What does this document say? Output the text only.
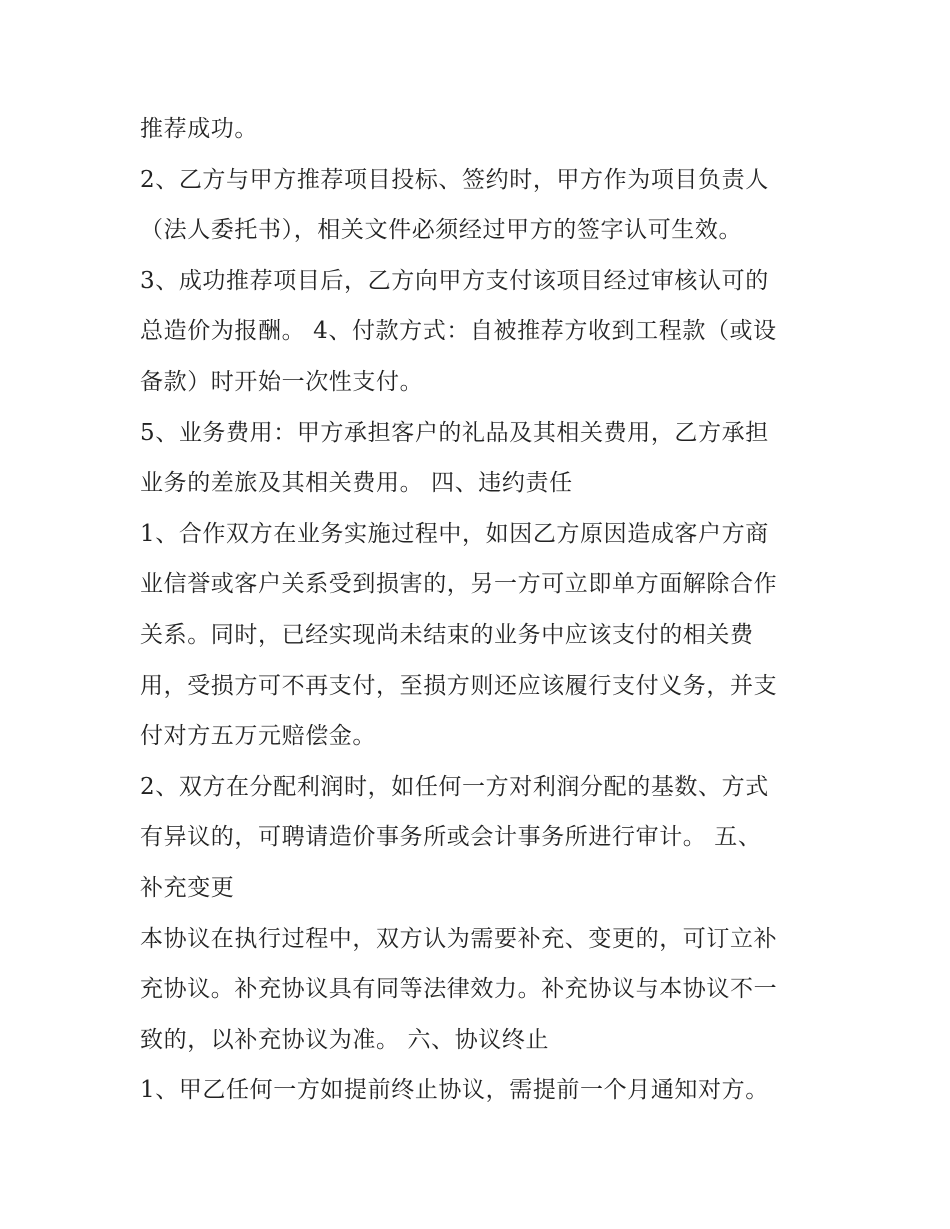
推荐成功。
2、乙方与甲方推荐项目投标、签约时，甲方作为项目负责人
（法人委托书），相关文件必须经过甲方的签字认可生效。
3、成功推荐项目后，乙方向甲方支付该项目经过审核认可的
总造价为报酬。 4、付款方式：自被推荐方收到工程款（或设
备款）时开始一次性支付。
5、业务费用：甲方承担客户的礼品及其相关费用，乙方承担
业务的差旅及其相关费用。 四、违约责任
1、合作双方在业务实施过程中，如因乙方原因造成客户方商
业信誉或客户关系受到损害的，另一方可立即单方面解除合作
关系。同时，已经实现尚未结束的业务中应该支付的相关费
用，受损方可不再支付，至损方则还应该履行支付义务，并支
付对方五万元赔偿金。
2、双方在分配利润时，如任何一方对利润分配的基数、方式
有异议的，可聘请造价事务所或会计事务所进行审计。 五、
补充变更
本协议在执行过程中，双方认为需要补充、变更的，可订立补
充协议。补充协议具有同等法律效力。补充协议与本协议不一
致的，以补充协议为准。 六、协议终止
1、甲乙任何一方如提前终止协议，需提前一个月通知对方。
